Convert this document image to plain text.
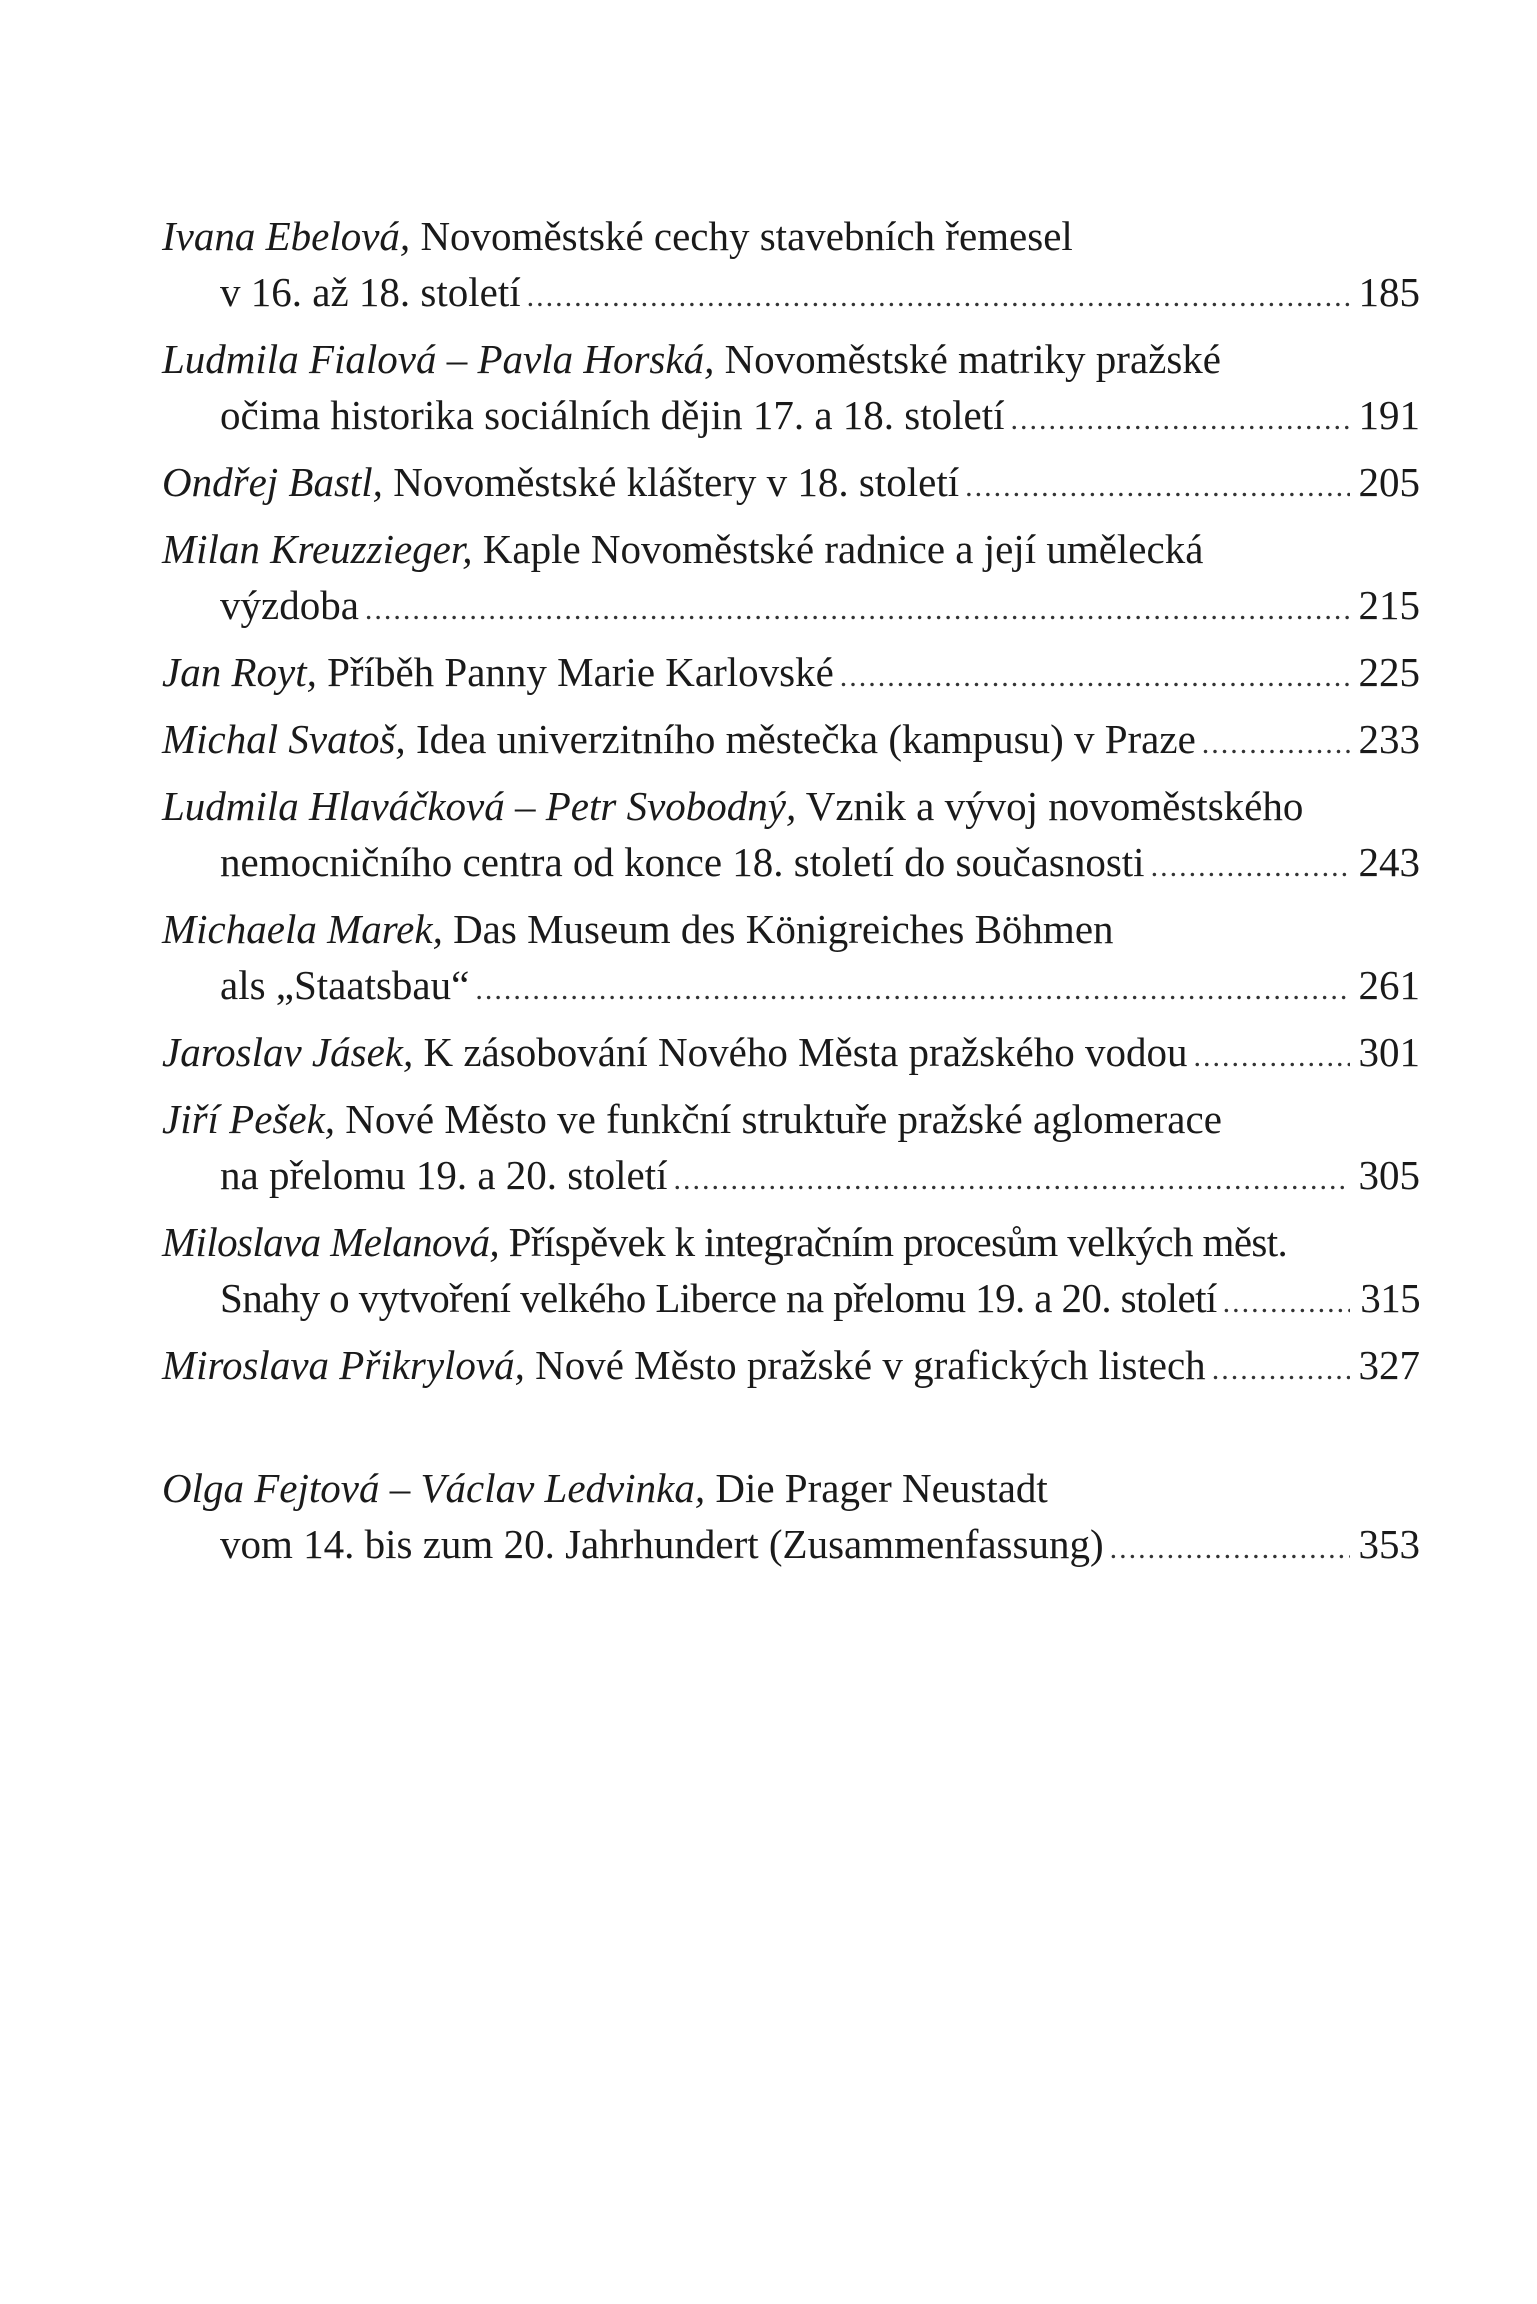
Ivana Ebelová, Novoměstské cechy stavebních řemesel
v 16. až 18. století .....	185
Ludmila Fialová – Pavla Horská, Novoměstské matriky pražské
očima historika sociálních dějin 17. a 18. století .....	191
Ondřej Bastl, Novoměstské kláštery v 18. století .....	205
Milan Kreuzzieger, Kaple Novoměstské radnice a její umělecká
výzdoba .....	215
Jan Royt, Příběh Panny Marie Karlovské .....	225
Michal Svatoš, Idea univerzitního městečka (kampusu) v Praze .....	233
Ludmila Hlaváčková – Petr Svobodný, Vznik a vývoj novoměstského
nemocničního centra od konce 18. století do současnosti .....	243
Michaela Marek, Das Museum des Königreiches Böhmen
als „Staatsbau“ .....	261
Jaroslav Jásek, K zásobování Nového Města pražského vodou .....	301
Jiří Pešek, Nové Město ve funkční struktuře pražské aglomerace
na přelomu 19. a 20. století .....	305
Miloslava Melanová, Příspěvek k integračním procesům velkých měst.
Snahy o vytvoření velkého Liberce na přelomu 19. a 20. století .....	315
Miroslava Přikrylová, Nové Město pražské v grafických listech .....	327
Olga Fejtová – Václav Ledvinka, Die Prager Neustadt
vom 14. bis zum 20. Jahrhundert (Zusammenfassung) .....	353
